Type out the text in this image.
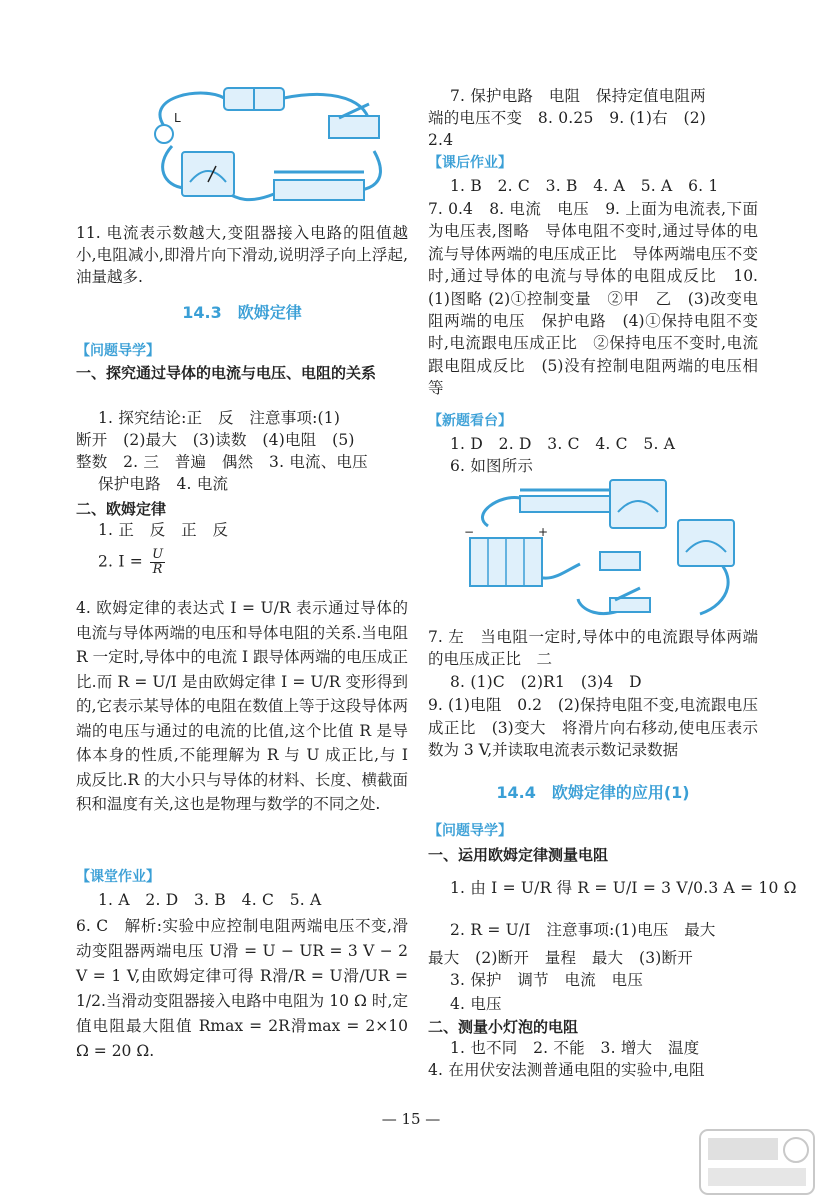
L
11. 电流表示数越大,变阻器接入电路的阻值越小,电阻减小,即滑片向下滑动,说明浮子向上浮起,油量越多.
14.3　欧姆定律
【问题导学】
一、探究通过导体的电流与电压、电阻的关系
1. 探究结论:正　反　注意事项:(1)
断开　(2)最大　(3)读数　(4)电阻　(5)
整数　2. 三　普遍　偶然　3. 电流、电压
保护电路　4. 电流
二、欧姆定律
1. 正　反　正　反
2. $I = \frac{U}{R}$
4. 欧姆定律的表达式 I = U/R 表示通过导体的电流与导体两端的电压和导体电阻的关系.当电阻 R 一定时,导体中的电流 I 跟导体两端的电压成正比.而 R = U/I 是由欧姆定律 I = U/R 变形得到的,它表示某导体的电阻在数值上等于这段导体两端的电压与通过的电流的比值,这个比值 R 是导体本身的性质,不能理解为 R 与 U 成正比,与 I 成反比.R 的大小只与导体的材料、长度、横截面积和温度有关,这也是物理与数学的不同之处.
【课堂作业】
1. A　2. D　3. B　4. C　5. A
6. C　解析:实验中应控制电阻两端电压不变,滑动变阻器两端电压 U滑 = U − UR = 3 V − 2 V = 1 V,由欧姆定律可得 R滑/R = U滑/UR = 1/2.当滑动变阻器接入电路中电阻为 10 Ω 时,定值电阻最大阻值 Rmax = 2R滑max = 2×10 Ω = 20 Ω.
7. 保护电路　电阻　保持定值电阻两
端的电压不变　8. 0.25　9. (1)右　(2)
2.4
【课后作业】
1. B　2. C　3. B　4. A　5. A　6. 1
7. 0.4　8. 电流　电压　9. 上面为电流表,下面为电压表,图略　导体电阻不变时,通过导体的电流与导体两端的电压成正比　导体两端电压不变时,通过导体的电流与导体的电阻成反比　10. (1)图略 (2)①控制变量　②甲　乙　(3)改变电阻两端的电压　保护电路　(4)①保持电阻不变时,电流跟电压成正比　②保持电压不变时,电流跟电阻成反比　(5)没有控制电阻两端的电压相等
【新题看台】
1. D　2. D　3. C　4. C　5. A
6. 如图所示
−	+
7. 左　当电阻一定时,导体中的电流跟导体两端的电压成正比　二
8. (1)C　(2)R1　(3)4　D
9. (1)电阻　0.2　(2)保持电阻不变,电流跟电压成正比　(3)变大　将滑片向右移动,使电压表示数为 3 V,并读取电流表示数记录数据
14.4　欧姆定律的应用(1)
【问题导学】
一、运用欧姆定律测量电阻
1. 由 I = U/R 得 R = U/I = 3 V/0.3 A = 10 Ω
2. R = U/I　注意事项:(1)电压　最大
最大　(2)断开　量程　最大　(3)断开
3. 保护　调节　电流　电压
4. 电压
二、测量小灯泡的电阻
1. 也不同　2. 不能　3. 增大　温度
4. 在用伏安法测普通电阻的实验中,电阻
— 15 —
